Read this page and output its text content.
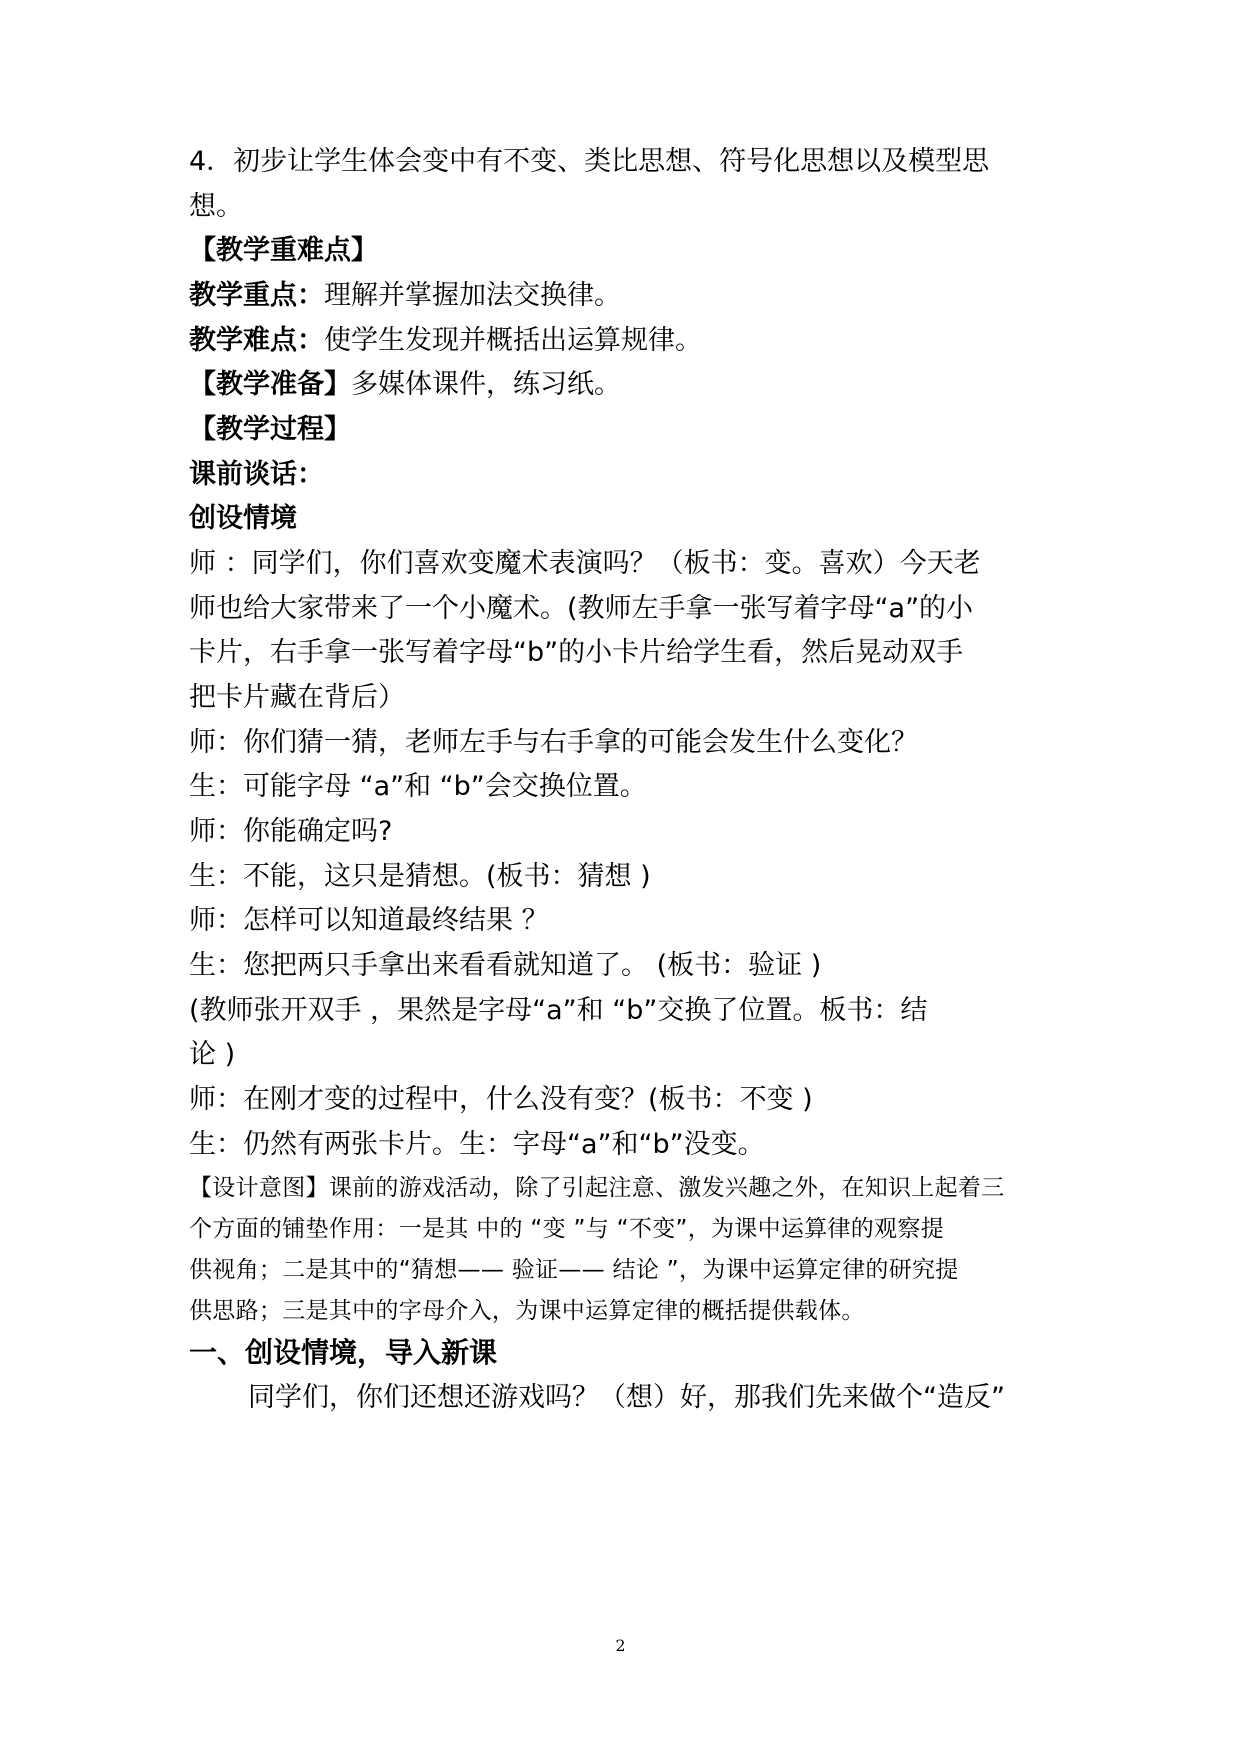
4．初步让学生体会变中有不变、类比思想、符号化思想以及模型思
想。
【教学重难点】
教学重点：理解并掌握加法交换律。
教学难点：使学生发现并概括出运算规律。
【教学准备】多媒体课件，练习纸。
【教学过程】
课前谈话：
创设情境
师 ：同学们，你们喜欢变魔术表演吗？（板书：变。喜欢）今天老
师也给大家带来了一个小魔术。(教师左手拿一张写着字母“a”的小
卡片，右手拿一张写着字母“b”的小卡片给学生看，然后晃动双手
把卡片藏在背后）
师：你们猜一猜，老师左手与右手拿的可能会发生什么变化？
生：可能字母 “a”和 “b”会交换位置。
师：你能确定吗?
生：不能，这只是猜想。(板书：猜想 )
师：怎样可以知道最终结果 ？
生：您把两只手拿出来看看就知道了。 (板书：验证 )
(教师张开双手 ，果然是字母“a”和 “b”交换了位置。板书：结
论 )
师：在刚才变的过程中，什么没有变？(板书：不变 )
生：仍然有两张卡片。生：字母“a”和“b”没变。
【设计意图】课前的游戏活动，除了引起注意、激发兴趣之外，在知识上起着三
个方面的铺垫作用：一是其 中的 “变 ”与 “不变”，为课中运算律的观察提
供视角；二是其中的“猜想—— 验证—— 结论 ”，为课中运算定律的研究提
供思路；三是其中的字母介入，为课中运算定律的概括提供载体。
一、创设情境，导入新课
同学们，你们还想还游戏吗？（想）好，那我们先来做个“造反”
2
